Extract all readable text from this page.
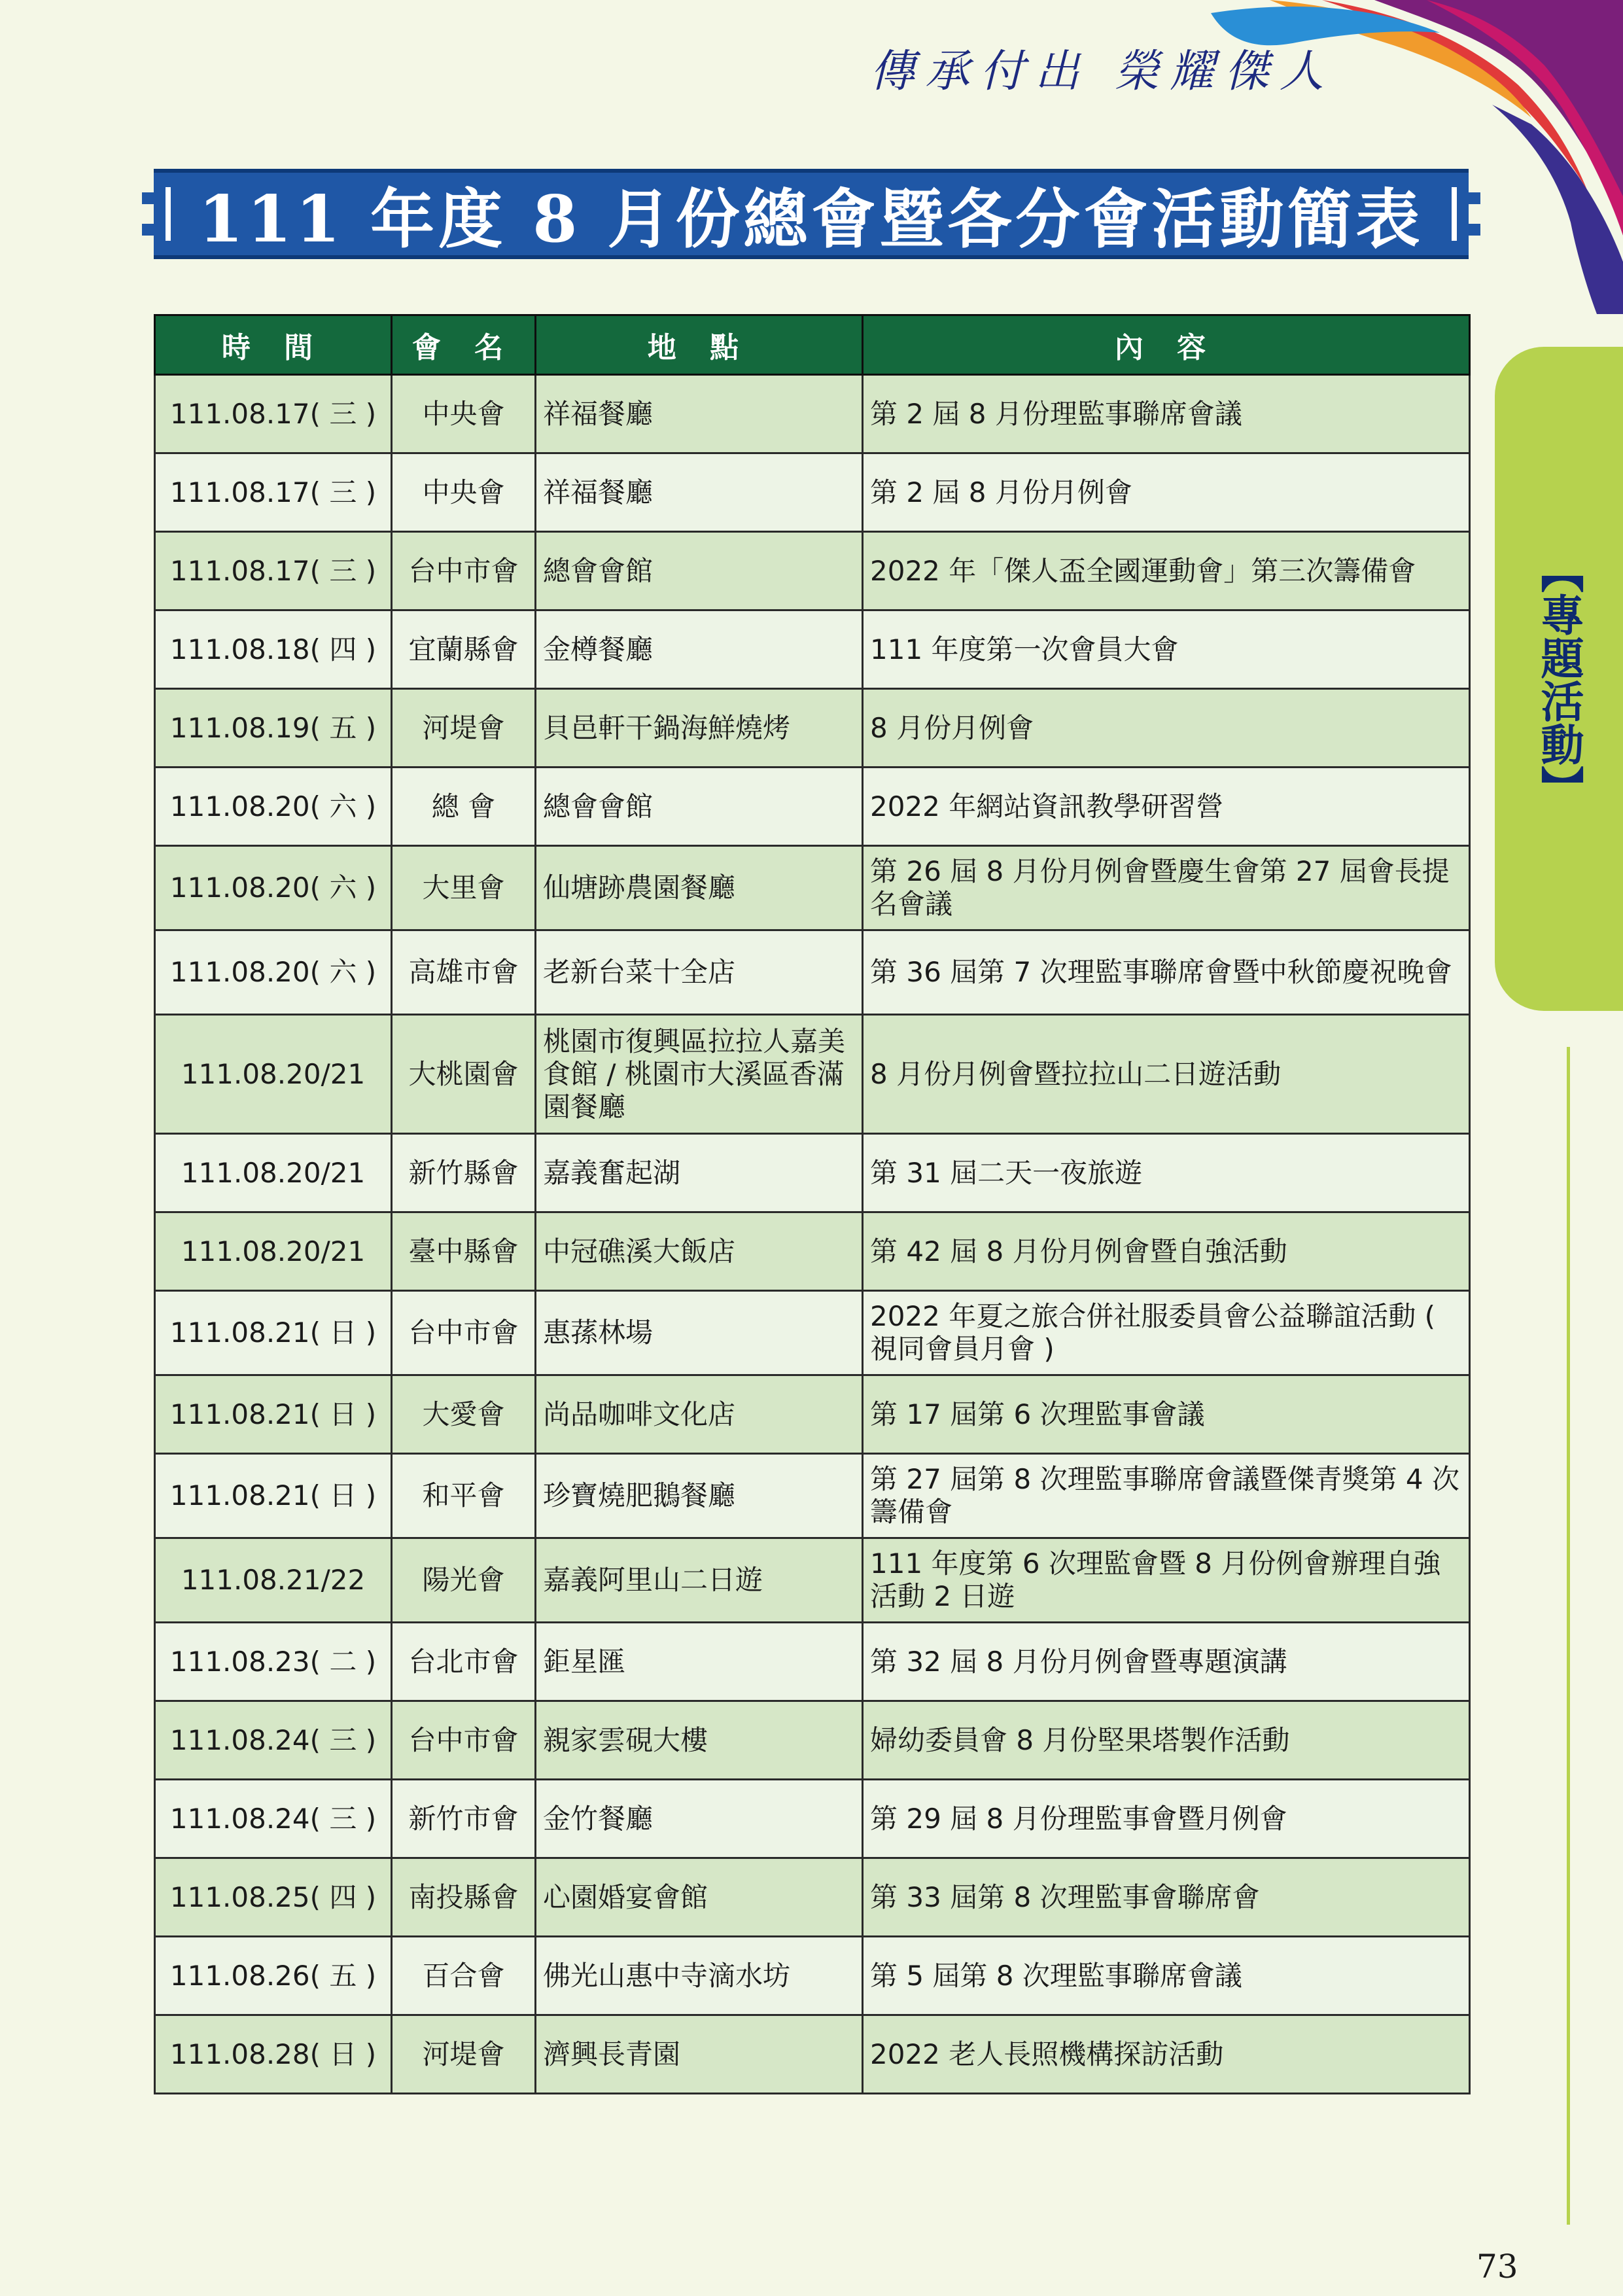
傳承付出 榮耀傑人
111 年度 8 月份總會暨各分會活動簡表
【專題活動】
時 間	會 名	地 點	內 容
111.08.17( 三 )	中央會	祥福餐廳	第 2 屆 8 月份理監事聯席會議
111.08.17( 三 )	中央會	祥福餐廳	第 2 屆 8 月份月例會
111.08.17( 三 )	台中市會	總會會館	2022 年「傑人盃全國運動會」第三次籌備會
111.08.18( 四 )	宜蘭縣會	金樽餐廳	111 年度第一次會員大會
111.08.19( 五 )	河堤會	貝邑軒干鍋海鮮燒烤	8 月份月例會
111.08.20( 六 )	總 會	總會會館	2022 年網站資訊教學研習營
111.08.20( 六 )	大里會	仙塘跡農園餐廳	第 26 屆 8 月份月例會暨慶生會第 27 屆會長提名會議
111.08.20( 六 )	高雄市會	老新台菜十全店	第 36 屆第 7 次理監事聯席會暨中秋節慶祝晚會
111.08.20/21	大桃園會	桃園市復興區拉拉人嘉美食館 / 桃園市大溪區香滿園餐廳	8 月份月例會暨拉拉山二日遊活動
111.08.20/21	新竹縣會	嘉義奮起湖	第 31 屆二天一夜旅遊
111.08.20/21	臺中縣會	中冠礁溪大飯店	第 42 屆 8 月份月例會暨自強活動
111.08.21( 日 )	台中市會	惠蓀林場	2022 年夏之旅合併社服委員會公益聯誼活動 ( 視同會員月會 )
111.08.21( 日 )	大愛會	尚品咖啡文化店	第 17 屆第 6 次理監事會議
111.08.21( 日 )	和平會	珍寶燒肥鵝餐廳	第 27 屆第 8 次理監事聯席會議暨傑青獎第 4 次籌備會
111.08.21/22	陽光會	嘉義阿里山二日遊	111 年度第 6 次理監會暨 8 月份例會辦理自強活動 2 日遊
111.08.23( 二 )	台北市會	鉅星匯	第 32 屆 8 月份月例會暨專題演講
111.08.24( 三 )	台中市會	親家雲硯大樓	婦幼委員會 8 月份堅果塔製作活動
111.08.24( 三 )	新竹市會	金竹餐廳	第 29 屆 8 月份理監事會暨月例會
111.08.25( 四 )	南投縣會	心園婚宴會館	第 33 屆第 8 次理監事會聯席會
111.08.26( 五 )	百合會	佛光山惠中寺滴水坊	第 5 屆第 8 次理監事聯席會議
111.08.28( 日 )	河堤會	濟興長青園	2022 老人長照機構探訪活動
73
